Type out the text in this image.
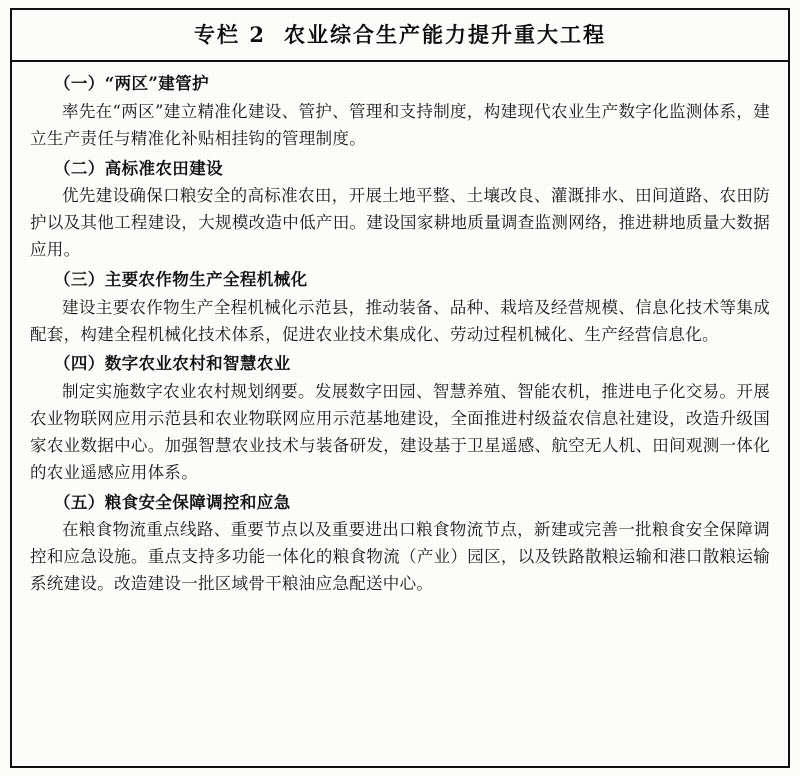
专栏 2 农业综合生产能力提升重大工程
（一）“两区”建管护

率先在“两区”建立精准化建设、管护、管理和支持制度，构建现代农业生产数字化监测体系，建立生产责任与精准化补贴相挂钩的管理制度。

（二）高标准农田建设

优先建设确保口粮安全的高标准农田，开展土地平整、土壤改良、灌溉排水、田间道路、农田防护以及其他工程建设，大规模改造中低产田。建设国家耕地质量调查监测网络，推进耕地质量大数据应用。

（三）主要农作物生产全程机械化

建设主要农作物生产全程机械化示范县，推动装备、品种、栽培及经营规模、信息化技术等集成配套，构建全程机械化技术体系，促进农业技术集成化、劳动过程机械化、生产经营信息化。

（四）数字农业农村和智慧农业

制定实施数字农业农村规划纲要。发展数字田园、智慧养殖、智能农机，推进电子化交易。开展农业物联网应用示范县和农业物联网应用示范基地建设，全面推进村级益农信息社建设，改造升级国家农业数据中心。加强智慧农业技术与装备研发，建设基于卫星遥感、航空无人机、田间观测一体化的农业遥感应用体系。

（五）粮食安全保障调控和应急

在粮食物流重点线路、重要节点以及重要进出口粮食物流节点，新建或完善一批粮食安全保障调控和应急设施。重点支持多功能一体化的粮食物流（产业）园区，以及铁路散粮运输和港口散粮运输系统建设。改造建设一批区域骨干粮油应急配送中心。
